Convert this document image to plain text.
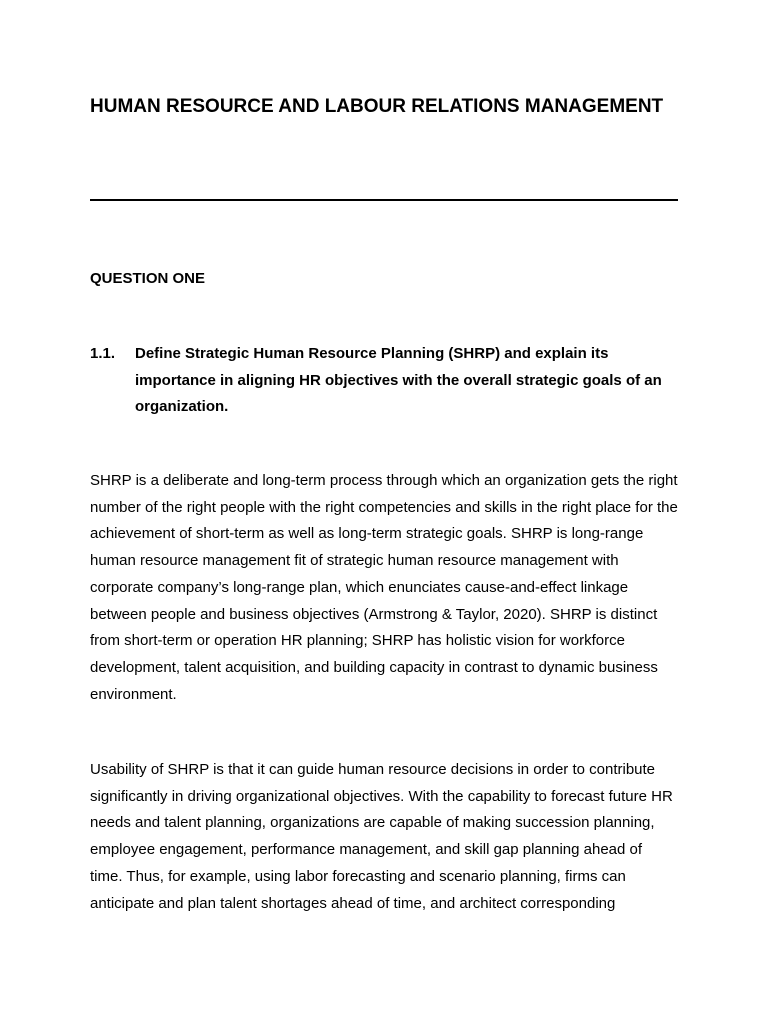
HUMAN RESOURCE AND LABOUR RELATIONS MANAGEMENT
QUESTION ONE
1.1.	Define Strategic Human Resource Planning (SHRP) and explain its importance in aligning HR objectives with the overall strategic goals of an organization.

SHRP is a deliberate and long-term process through which an organization gets the right number of the right people with the right competencies and skills in the right place for the achievement of short-term as well as long-term strategic goals. SHRP is long-range human resource management fit of strategic human resource management with corporate company’s long-range plan, which enunciates cause-and-effect linkage between people and business objectives (Armstrong & Taylor, 2020). SHRP is distinct from short-term or operation HR planning; SHRP has holistic vision for workforce development, talent acquisition, and building capacity in contrast to dynamic business environment.

Usability of SHRP is that it can guide human resource decisions in order to contribute significantly in driving organizational objectives. With the capability to forecast future HR needs and talent planning, organizations are capable of making succession planning, employee engagement, performance management, and skill gap planning ahead of time. Thus, for example, using labor forecasting and scenario planning, firms can anticipate and plan talent shortages ahead of time, and architect corresponding
